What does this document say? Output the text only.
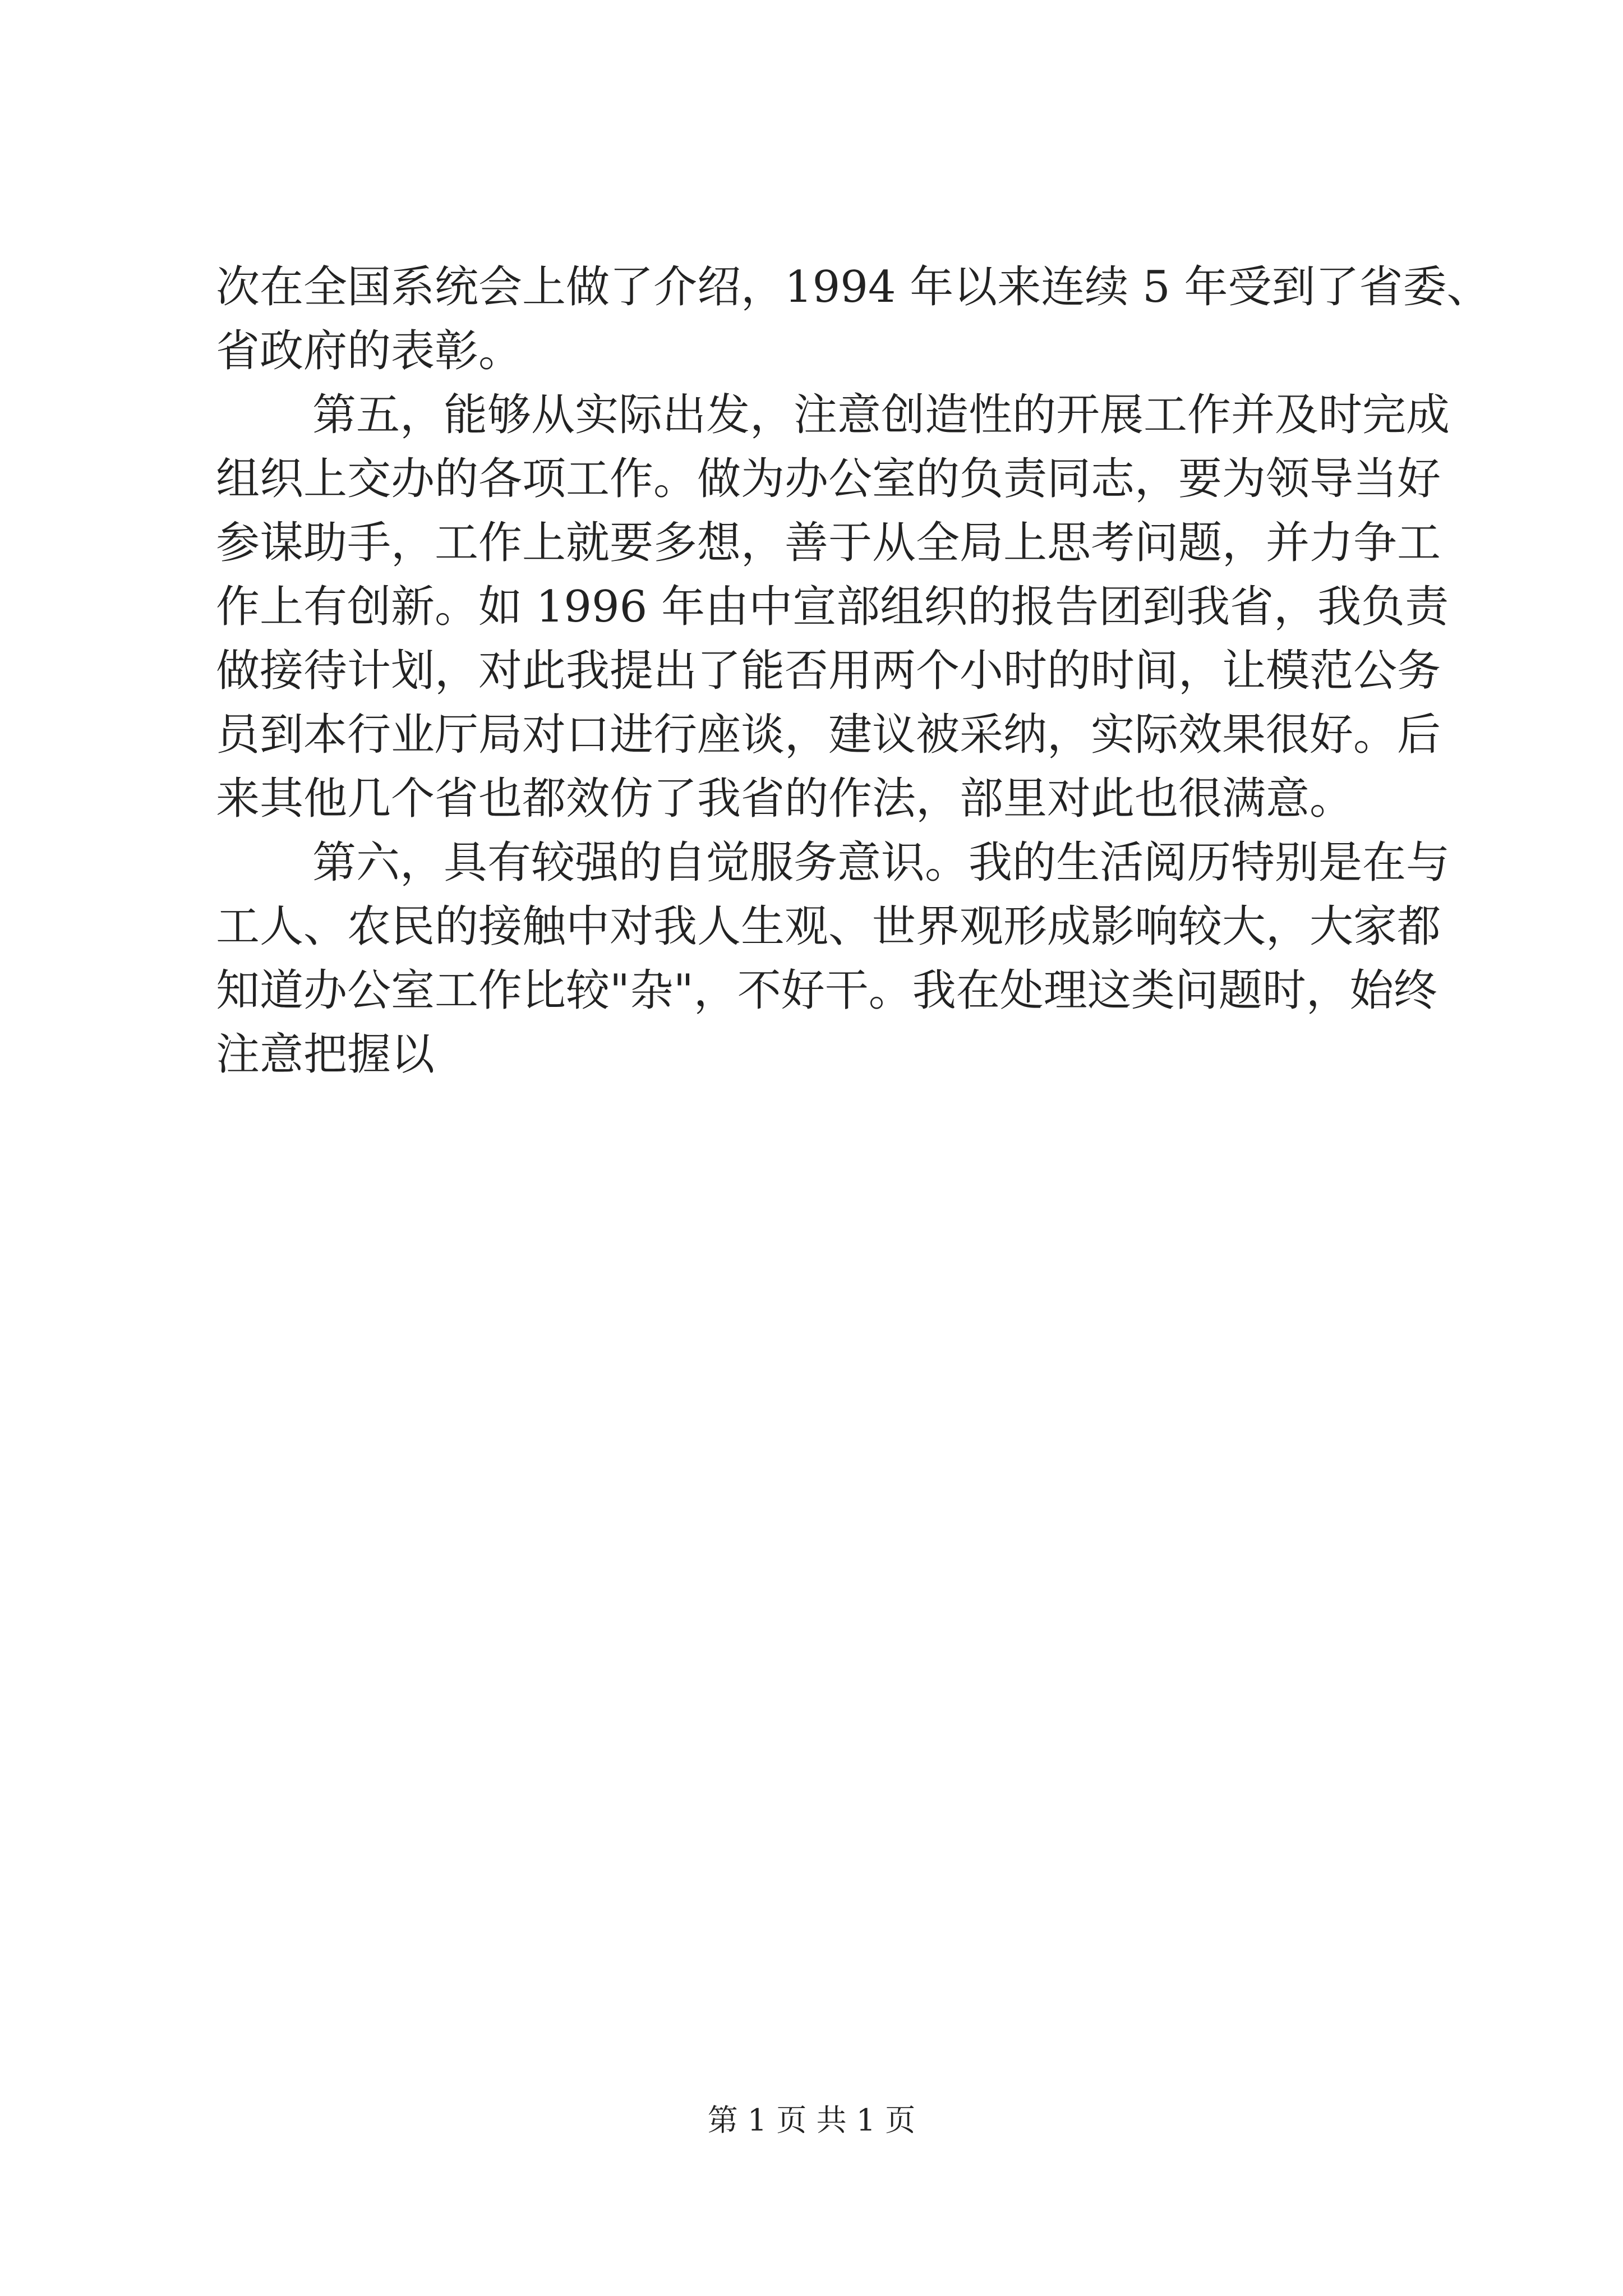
次在全国系统会上做了介绍，1994 年以来连续 5 年受到了省委、
省政府的表彰。
第五，能够从实际出发，注意创造性的开展工作并及时完成
组织上交办的各项工作。做为办公室的负责同志，要为领导当好
参谋助手，工作上就要多想，善于从全局上思考问题，并力争工
作上有创新。如 1996 年由中宣部组织的报告团到我省，我负责
做接待计划，对此我提出了能否用两个小时的时间，让模范公务
员到本行业厅局对口进行座谈，建议被采纳，实际效果很好。后
来其他几个省也都效仿了我省的作法，部里对此也很满意。
第六，具有较强的自觉服务意识。我的生活阅历特别是在与
工人、农民的接触中对我人生观、世界观形成影响较大，大家都
知道办公室工作比较"杂"，不好干。我在处理这类问题时，始终
注意把握以
第 1 页 共 1 页
